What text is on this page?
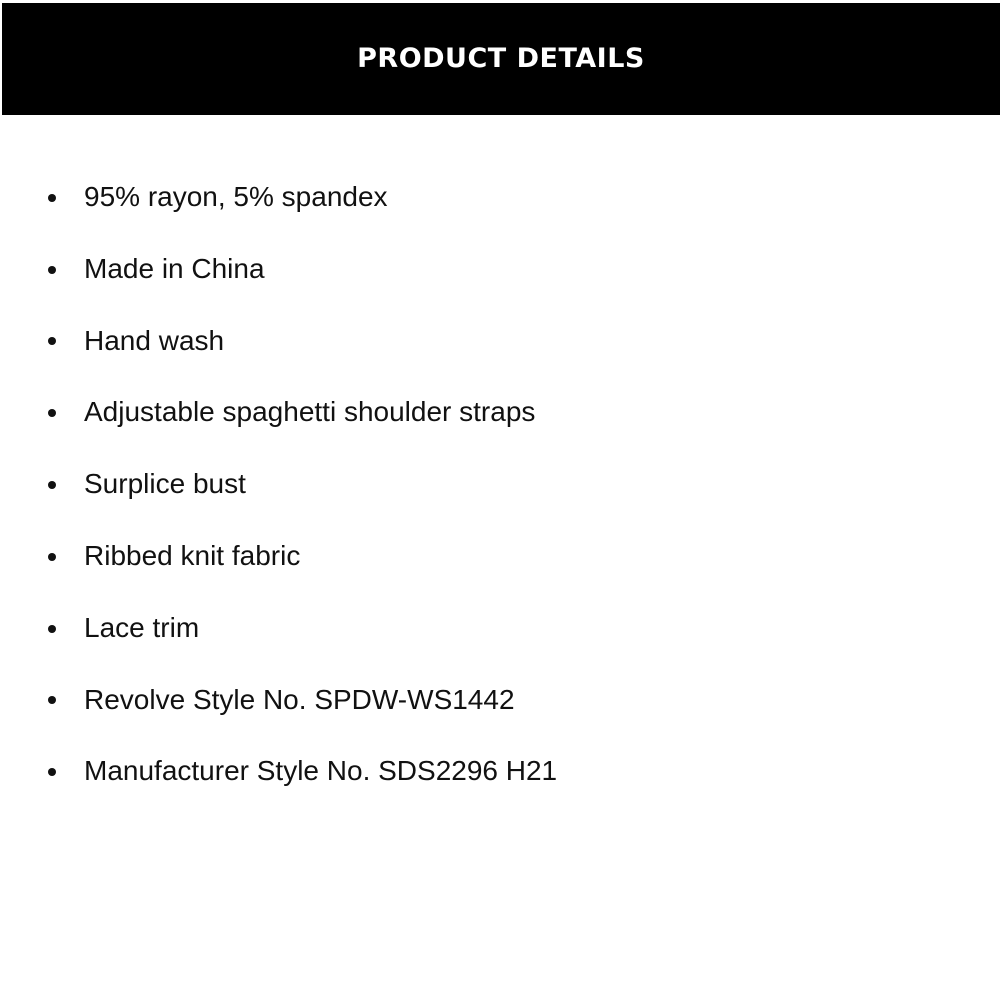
PRODUCT DETAILS
95% rayon, 5% spandex
Made in China
Hand wash
Adjustable spaghetti shoulder straps
Surplice bust
Ribbed knit fabric
Lace trim
Revolve Style No. SPDW-WS1442
Manufacturer Style No. SDS2296 H21
